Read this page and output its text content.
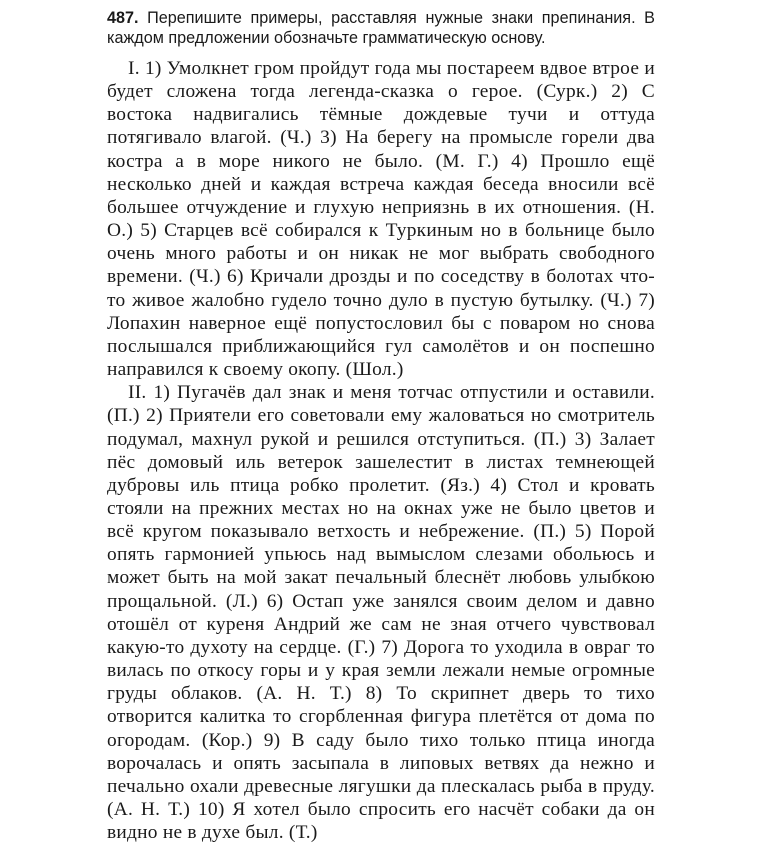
487. Перепишите примеры, расставляя нужные знаки препинания. В каждом предложении обозначьте грамматическую основу.

I. 1) Умолкнет гром пройдут года мы постареем вдвое втрое и будет сложена тогда легенда-сказка о герое. (Сурк.) 2) С востока надвигались тёмные дождевые тучи и оттуда потягивало влагой. (Ч.) 3) На берегу на промысле горели два костра а в море никого не было. (М. Г.) 4) Прошло ещё несколько дней и каждая встреча каждая беседа вносили всё большее отчуждение и глухую неприязнь в их отношения. (Н. О.) 5) Старцев всё собирался к Туркиным но в больнице было очень много работы и он никак не мог выбрать свободного времени. (Ч.) 6) Кричали дрозды и по соседству в болотах что-то живое жалобно гудело точно дуло в пустую бутылку. (Ч.) 7) Лопахин наверное ещё попустословил бы с поваром но снова послышался приближающийся гул самолётов и он поспешно направился к своему окопу. (Шол.)

II. 1) Пугачёв дал знак и меня тотчас отпустили и оставили. (П.) 2) Приятели его советовали ему жаловаться но смотритель подумал, махнул рукой и решился отступиться. (П.) 3) Залает пёс домовый иль ветерок зашелестит в листах темнеющей дубровы иль птица робко пролетит. (Яз.) 4) Стол и кровать стояли на прежних местах но на окнах уже не было цветов и всё кругом показывало ветхость и небрежение. (П.) 5) Порой опять гармонией упьюсь над вымыслом слезами обольюсь и может быть на мой закат печальный блеснёт любовь улыбкою прощальной. (Л.) 6) Остап уже занялся своим делом и давно отошёл от куреня Андрий же сам не зная отчего чувствовал какую-то духоту на сердце. (Г.) 7) Дорога то уходила в овраг то вилась по откосу горы и у края земли лежали немые огромные груды облаков. (А. Н. Т.) 8) То скрипнет дверь то тихо отворится калитка то сгорбленная фигура плетётся от дома по огородам. (Кор.) 9) В саду было тихо только птица иногда ворочалась и опять засыпала в липовых ветвях да нежно и печально охали древесные лягушки да плескалась рыба в пруду. (А. Н. Т.) 10) Я хотел было спросить его насчёт собаки да он видно не в духе был. (Т.)
